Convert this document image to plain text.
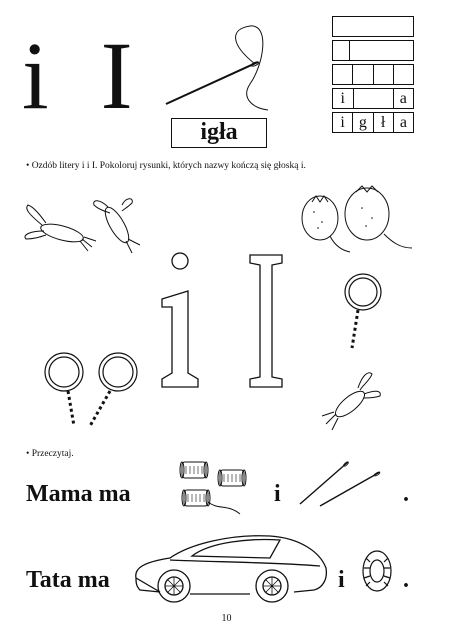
i I
igła
i	a
i g ł a
• Ozdób litery i i I. Pokoloruj rysunki, których nazwy kończą się głoską i.
• Przeczytaj.
Mama ma	i	.
Tata ma	i .
10
